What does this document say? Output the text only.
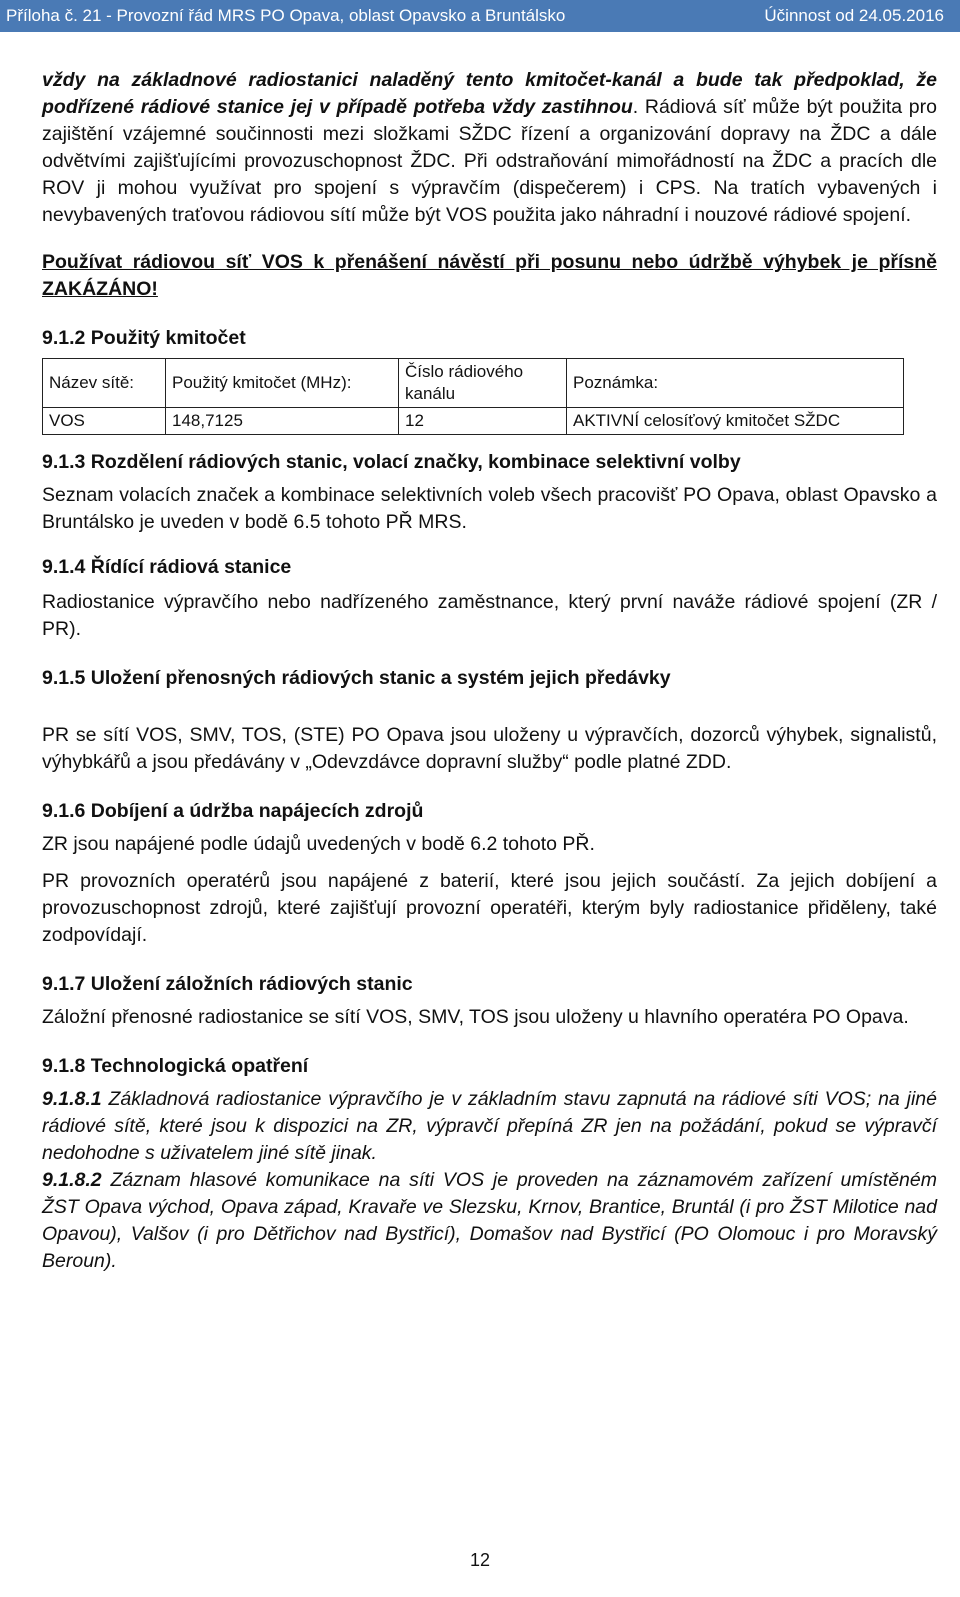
Příloha č. 21 - Provozní řád MRS PO Opava, oblast Opavsko a Bruntálsko	Účinnost od 24.05.2016

vždy na základnové radiostanici naladěný tento kmitočet-kanál a bude tak předpoklad, že podřízené rádiové stanice jej v případě potřeba vždy zastihnou. Rádiová síť může být použita pro zajištění vzájemné součinnosti mezi složkami SŽDC řízení a organizování dopravy na ŽDC a dále odvětvími zajišťujícími provozuschopnost ŽDC. Při odstraňování mimořádností na ŽDC a pracích dle ROV ji mohou využívat pro spojení s výpravčím (dispečerem) i CPS. Na tratích vybavených i nevybavených traťovou rádiovou sítí může být VOS použita jako náhradní i nouzové rádiové spojení.

Používat rádiovou síť VOS k přenášení návěstí při posunu nebo údržbě výhybek je přísně ZAKÁZÁNO!

9.1.2 Použitý kmitočet

Název sítě:	Použitý kmitočet (MHz):	Číslo rádiového kanálu	Poznámka:
VOS	148,7125	12	AKTIVNÍ celosíťový kmitočet SŽDC

9.1.3 Rozdělení rádiových stanic, volací značky, kombinace selektivní volby

Seznam volacích značek a kombinace selektivních voleb všech pracovišť PO Opava, oblast Opavsko a Bruntálsko je uveden v bodě 6.5 tohoto PŘ MRS.

9.1.4 Řídící rádiová stanice

Radiostanice výpravčího nebo nadřízeného zaměstnance, který první naváže rádiové spojení (ZR / PR).

9.1.5 Uložení přenosných rádiových stanic a systém jejich předávky

PR se sítí VOS, SMV, TOS, (STE) PO Opava jsou uloženy u výpravčích, dozorců výhybek, signalistů, výhybkářů a jsou předávány v „Odevzdávce dopravní služby“ podle platné ZDD.

9.1.6 Dobíjení a údržba napájecích zdrojů

ZR jsou napájené podle údajů uvedených v bodě 6.2 tohoto PŘ.

PR provozních operatérů jsou napájené z baterií, které jsou jejich součástí. Za jejich dobíjení a provozuschopnost zdrojů, které zajišťují provozní operatéři, kterým byly radiostanice přiděleny, také zodpovídají.

9.1.7 Uložení záložních rádiových stanic

Záložní přenosné radiostanice se sítí VOS, SMV, TOS jsou uloženy u hlavního operatéra PO Opava.

9.1.8 Technologická opatření

9.1.8.1 Základnová radiostanice výpravčího je v základním stavu zapnutá na rádiové síti VOS; na jiné rádiové sítě, které jsou k dispozici na ZR, výpravčí přepíná ZR jen na požádání, pokud se výpravčí nedohodne s uživatelem jiné sítě jinak.

9.1.8.2 Záznam hlasové komunikace na síti VOS je proveden na záznamovém zařízení umístěném ŽST Opava východ, Opava západ, Kravaře ve Slezsku, Krnov, Brantice, Bruntál (i pro ŽST Milotice nad Opavou), Valšov (i pro Dětřichov nad Bystřicí), Domašov nad Bystřicí (PO Olomouc i pro Moravský Beroun).

12
